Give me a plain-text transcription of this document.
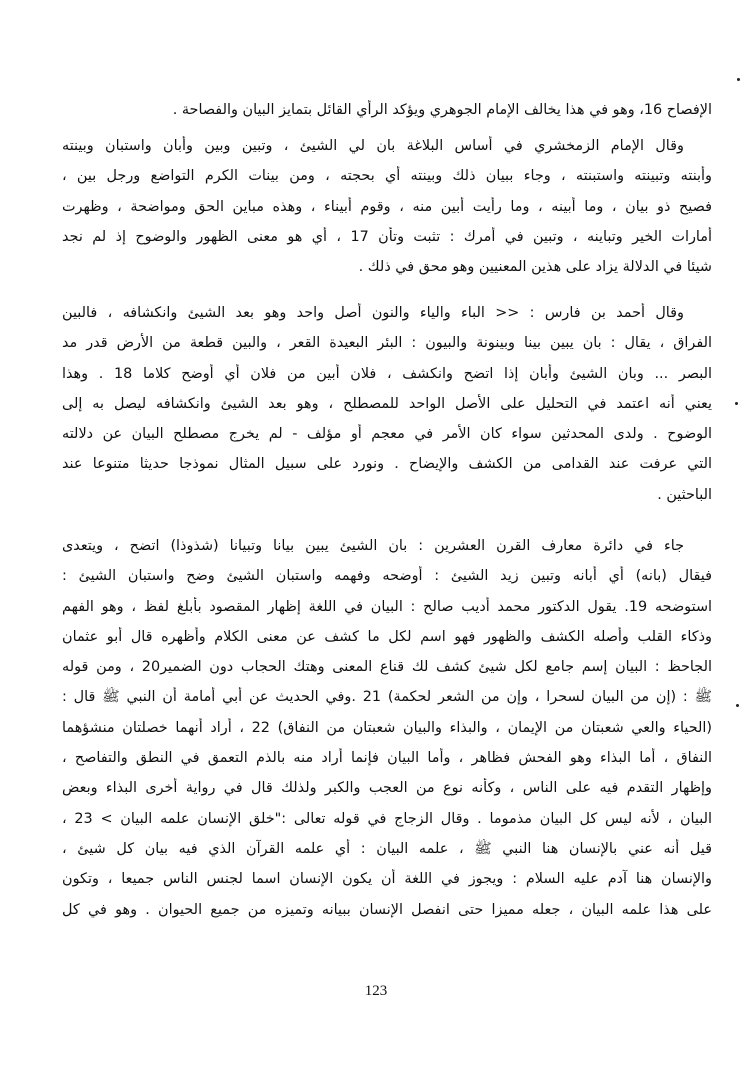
الإفصاح 16، وهو في هذا يخالف الإمام الجوهري ويؤكد الرأي القائل بتمايز البيان والفصاحة .
وقال الإمام الزمخشري في أساس البلاغة بان لي الشيئ ، وتبين وبين وأبان واستبان وبينته
وأبنته وتبينته واستبنته ، وجاء ببيان ذلك وبينته أي بحجته ، ومن بينات الكرم التواضع ورجل بين ،
فصيح ذو بيان ، وما أبينه ، وما رأيت أبين منه ، وقوم أبيناء ، وهذه مباين الحق ومواضحة ، وظهرت
أمارات الخير وتباينه ، وتبين في أمرك : تثبت وتأن 17 ، أي هو معنى الظهور والوضوح إذ لم نجد
شيئا في الدلالة يزاد على هذين المعنيين وهو محق في ذلك .
وقال أحمد بن فارس : << الباء والياء والنون أصل واحد وهو بعد الشيئ وانكشافه ، فالبين
الفراق ، يقال : بان يبين بينا وبينونة والبيون : البئر البعيدة القعر ، والبين قطعة من الأرض قدر مد
البصر ... وبان الشيئ وأبان إذا اتضح وانكشف ، فلان أبين من فلان أي أوضح كلاما 18 . وهذا
يعني أنه اعتمد في التحليل على الأصل الواحد للمصطلح ، وهو بعد الشيئ وانكشافه ليصل به إلى
الوضوح . ولدى المحدثين سواء كان الأمر في معجم أو مؤلف - لم يخرج مصطلح البيان عن دلالته
التي عرفت عند القدامى من الكشف والإيضاح . ونورد على سبيل المثال نموذجا حديثا متنوعا عند
الباحثين .
جاء في دائرة معارف القرن العشرين : بان الشيئ يبين بيانا وتبيانا (شذوذا) اتضح ، ويتعدى
فيقال (بانه) أي أبانه وتبين زيد الشيئ : أوضحه وفهمه واستبان الشيئ وضح واستبان الشيئ :
استوضحه 19. يقول الدكتور محمد أديب صالح : البيان في اللغة إظهار المقصود بأبلغ لفظ ، وهو الفهم
وذكاء القلب وأصله الكشف والظهور فهو اسم لكل ما كشف عن معنى الكلام وأظهره قال أبو عثمان
الجاحظ : البيان إسم جامع لكل شيئ كشف لك قناع المعنى وهتك الحجاب دون الضمير20 ، ومن قوله
ﷺ : (إن من البيان لسحرا ، وإن من الشعر لحكمة) 21 .وفي الحديث عن أبي أمامة أن النبي ﷺ قال :
(الحياء والعي شعبتان من الإيمان ، والبذاء والبيان شعبتان من النفاق) 22 ، أراد أنهما خصلتان منشؤهما
النفاق ، أما البذاء وهو الفحش فظاهر ، وأما البيان فإنما أراد منه بالذم التعمق في النطق والتفاصح ،
وإظهار التقدم فيه على الناس ، وكأنه نوع من العجب والكبر ولذلك قال في رواية أخرى البذاء وبعض
البيان ، لأنه ليس كل البيان مذموما . وقال الزجاج في قوله تعالى :"خلق الإنسان علمه البيان > 23 ،
قيل أنه عني بالإنسان هنا النبي ﷺ ، علمه البيان : أي علمه القرآن الذي فيه بيان كل شيئ ،
والإنسان هنا آدم عليه السلام : ويجوز في اللغة أن يكون الإنسان اسما لجنس الناس جميعا ، وتكون
على هذا علمه البيان ، جعله مميزا حتى انفصل الإنسان ببيانه وتميزه من جميع الحيوان . وهو في كل
123
